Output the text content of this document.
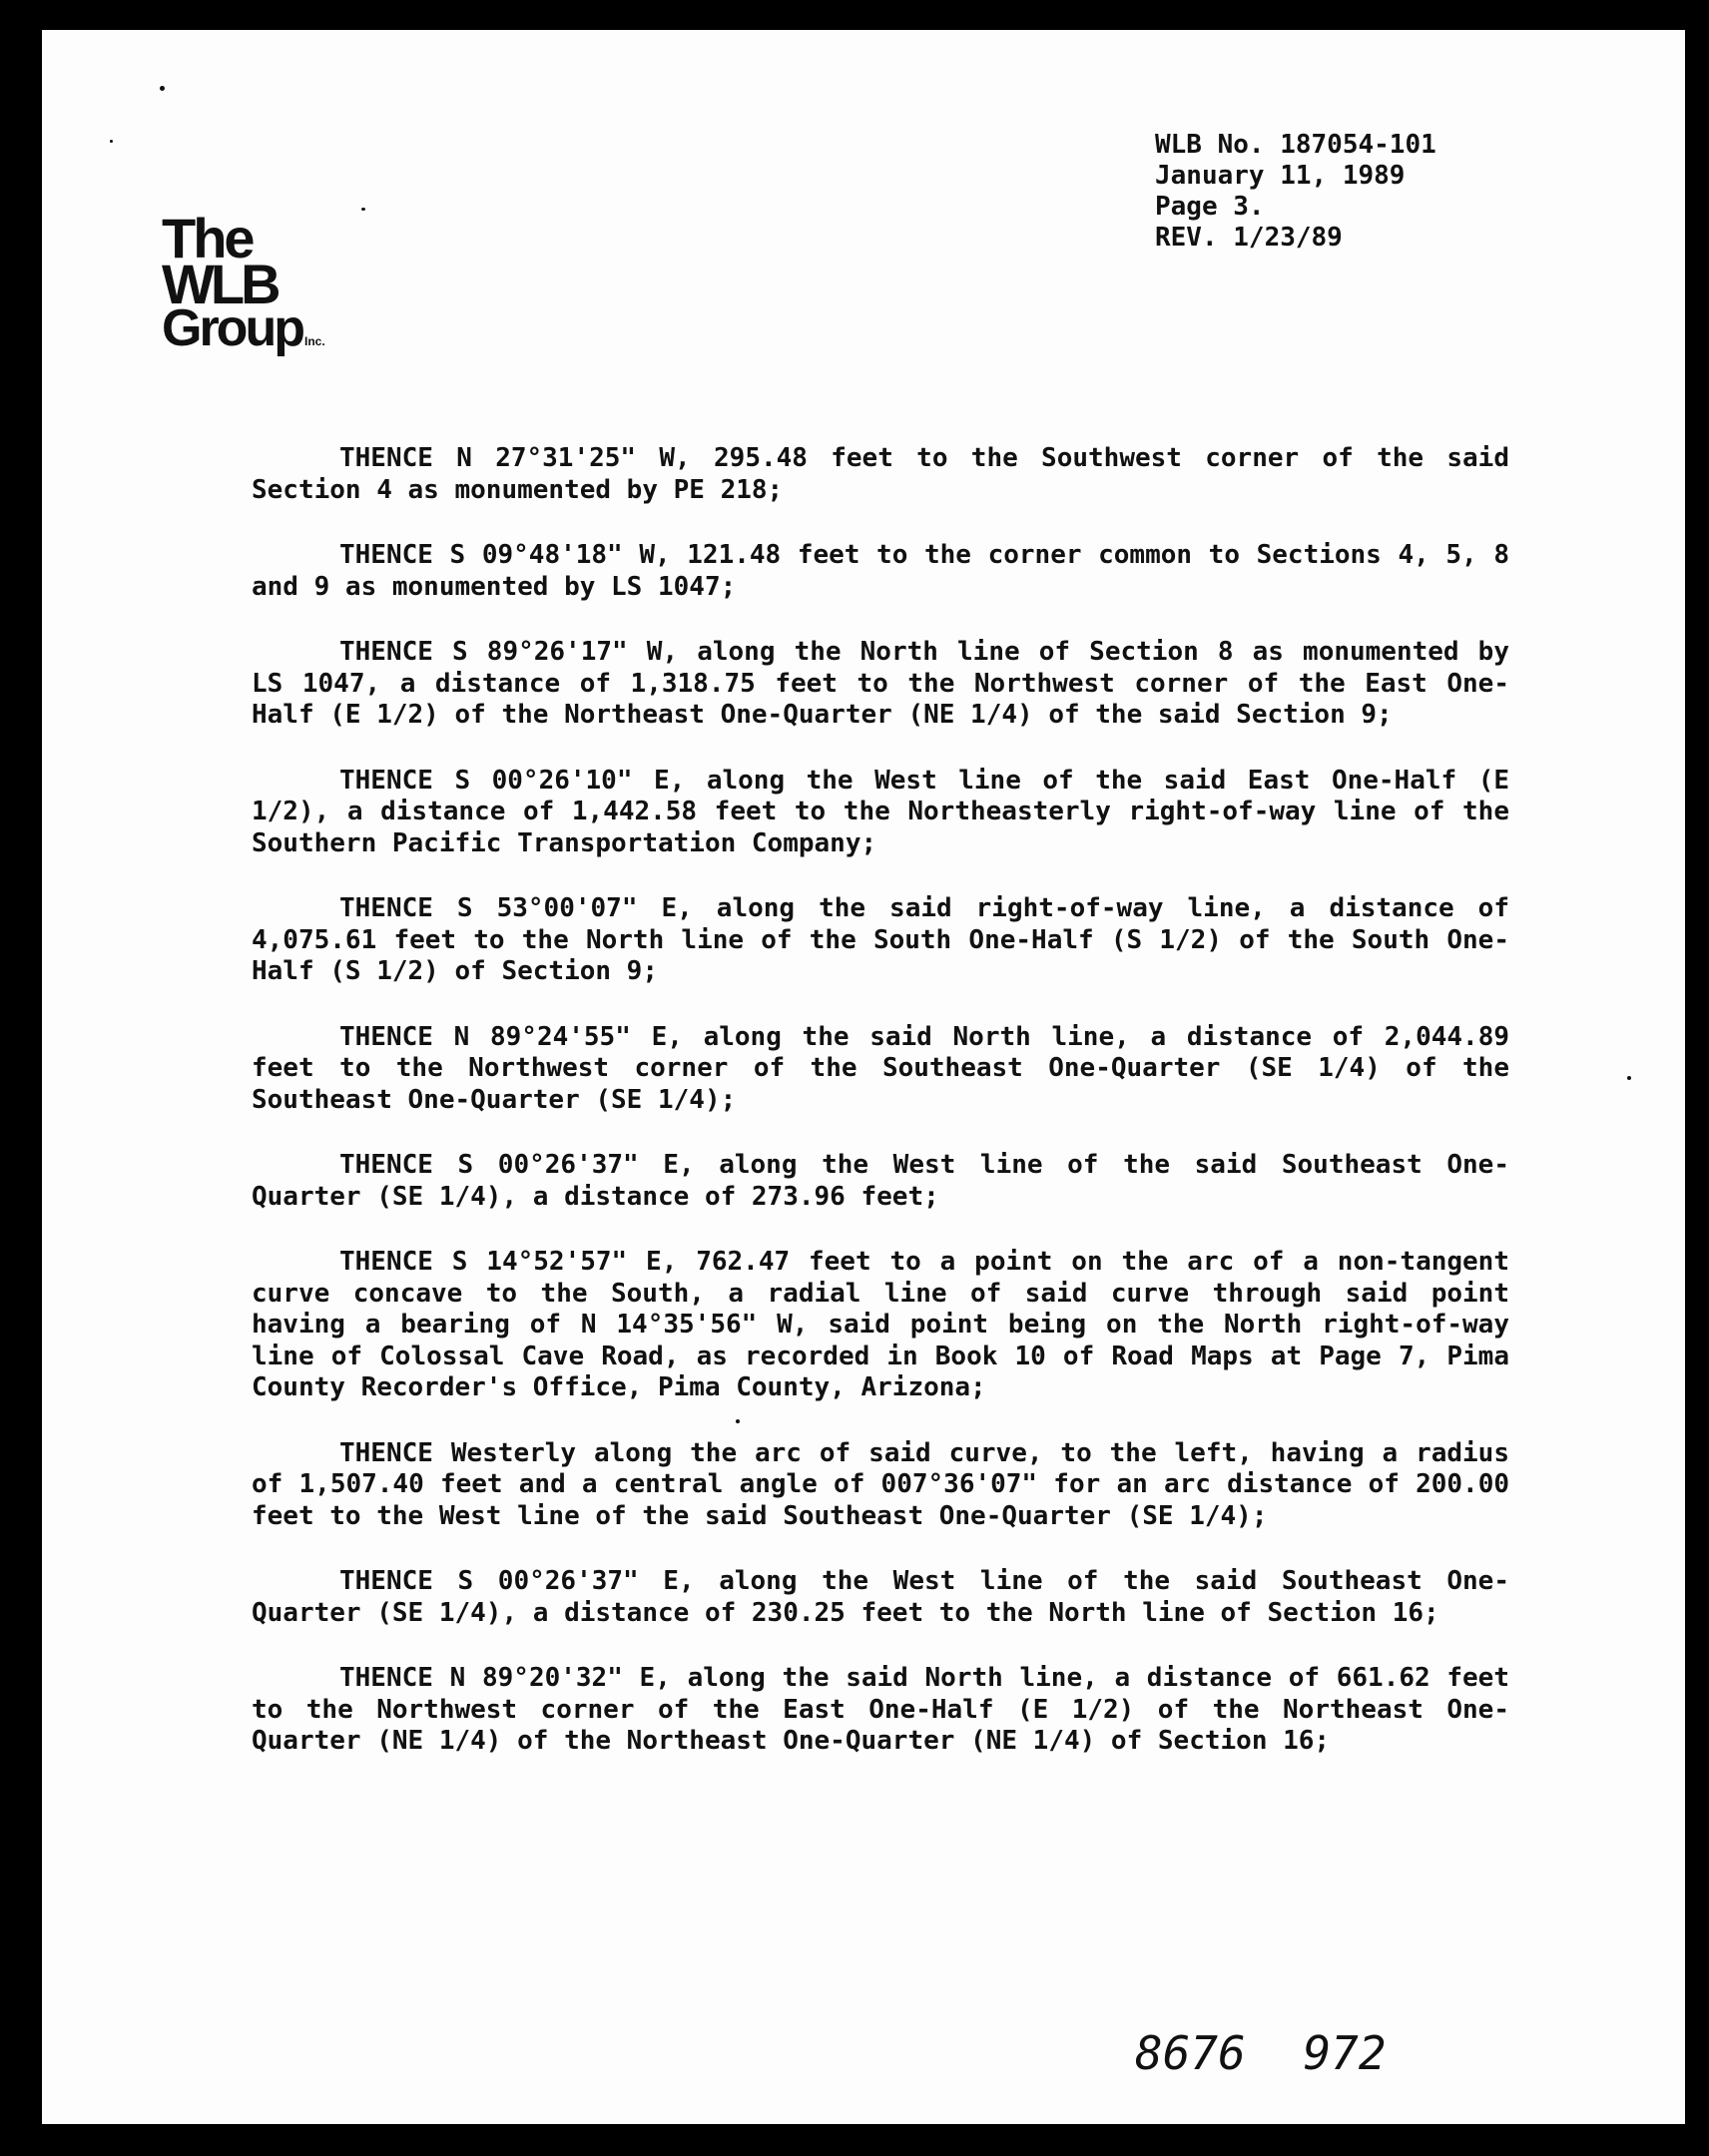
The
WLB
Group Inc.
WLB No. 187054-101
January 11, 1989
Page 3.
REV. 1/23/89

THENCE N 27°31'25" W, 295.48 feet to the Southwest corner of the said Section 4 as monumented by PE 218;

THENCE S 09°48'18" W, 121.48 feet to the corner common to Sections 4, 5, 8 and 9 as monumented by LS 1047;

THENCE S 89°26'17" W, along the North line of Section 8 as monumented by LS 1047, a distance of 1,318.75 feet to the Northwest corner of the East One-Half (E 1/2) of the Northeast One-Quarter (NE 1/4) of the said Section 9;

THENCE S 00°26'10" E, along the West line of the said East One-Half (E 1/2), a distance of 1,442.58 feet to the Northeasterly right-of-way line of the Southern Pacific Transportation Company;

THENCE S 53°00'07" E, along the said right-of-way line, a distance of 4,075.61 feet to the North line of the South One-Half (S 1/2) of the South One-Half (S 1/2) of Section 9;

THENCE N 89°24'55" E, along the said North line, a distance of 2,044.89 feet to the Northwest corner of the Southeast One-Quarter (SE 1/4) of the Southeast One-Quarter (SE 1/4);

THENCE S 00°26'37" E, along the West line of the said Southeast One-Quarter (SE 1/4), a distance of 273.96 feet;

THENCE S 14°52'57" E, 762.47 feet to a point on the arc of a non-tangent curve concave to the South, a radial line of said curve through said point having a bearing of N 14°35'56" W, said point being on the North right-of-way line of Colossal Cave Road, as recorded in Book 10 of Road Maps at Page 7, Pima County Recorder's Office, Pima County, Arizona;

THENCE Westerly along the arc of said curve, to the left, having a radius of 1,507.40 feet and a central angle of 007°36'07" for an arc distance of 200.00 feet to the West line of the said Southeast One-Quarter (SE 1/4);

THENCE S 00°26'37" E, along the West line of the said Southeast One-Quarter (SE 1/4), a distance of 230.25 feet to the North line of Section 16;

THENCE N 89°20'32" E, along the said North line, a distance of 661.62 feet to the Northwest corner of the East One-Half (E 1/2) of the Northeast One-Quarter (NE 1/4) of the Northeast One-Quarter (NE 1/4) of Section 16;

8676 972
